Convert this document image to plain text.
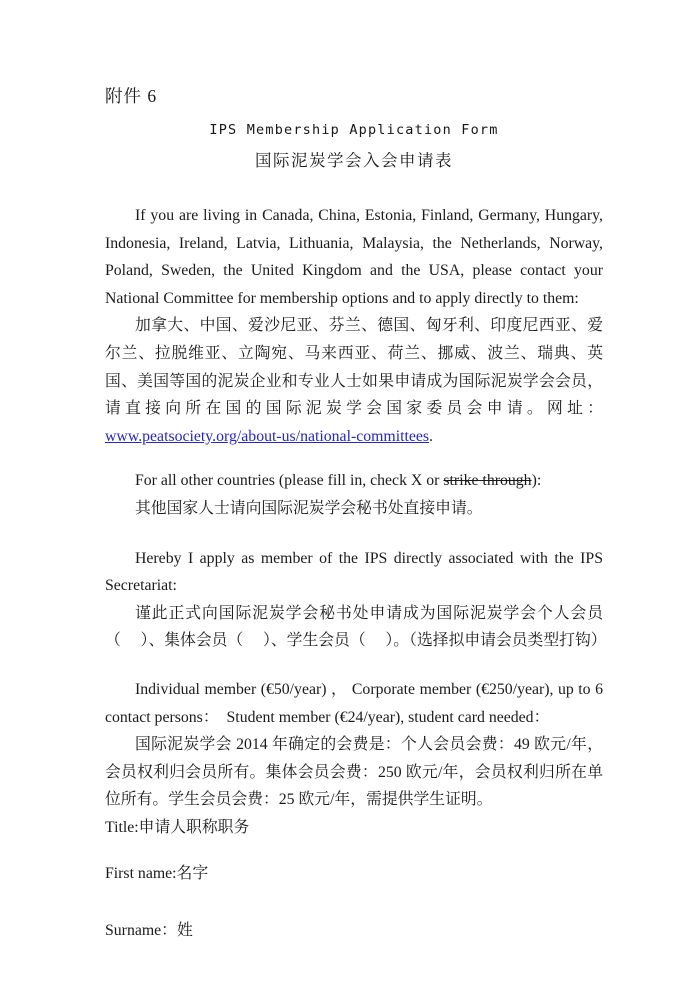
附件 6
IPS Membership Application Form
国际泥炭学会入会申请表

If you are living in Canada, China, Estonia, Finland, Germany, Hungary, Indonesia, Ireland, Latvia, Lithuania, Malaysia, the Netherlands, Norway, Poland, Sweden, the United Kingdom and the USA, please contact your National Committee for membership options and to apply directly to them:

加拿大、中国、爱沙尼亚、芬兰、德国、匈牙利、印度尼西亚、爱尔兰、拉脱维亚、立陶宛、马来西亚、荷兰、挪威、波兰、瑞典、英国、美国等国的泥炭企业和专业人士如果申请成为国际泥炭学会会员，请直接向所在国的国际泥炭学会国家委员会申请。网址：www.peatsociety.org/about-us/national-committees.

For all other countries (please fill in, check X or strike through):

其他国家人士请向国际泥炭学会秘书处直接申请。

Hereby I apply as member of the IPS directly associated with the IPS Secretariat:

谨此正式向国际泥炭学会秘书处申请成为国际泥炭学会个人会员（     ）、集体会员（     ）、学生会员（     ）。（选择拟申请会员类型打钩）

Individual member (€50/year) ， Corporate member (€250/year), up to 6 contact persons：  Student member (€24/year), student card needed：

国际泥炭学会 2014 年确定的会费是：个人会员会费：49 欧元/年，会员权利归会员所有。集体会员会费：250 欧元/年，会员权利归所在单位所有。学生会员会费：25 欧元/年，需提供学生证明。

Title:申请人职称职务

First name:名字

Surname：姓
